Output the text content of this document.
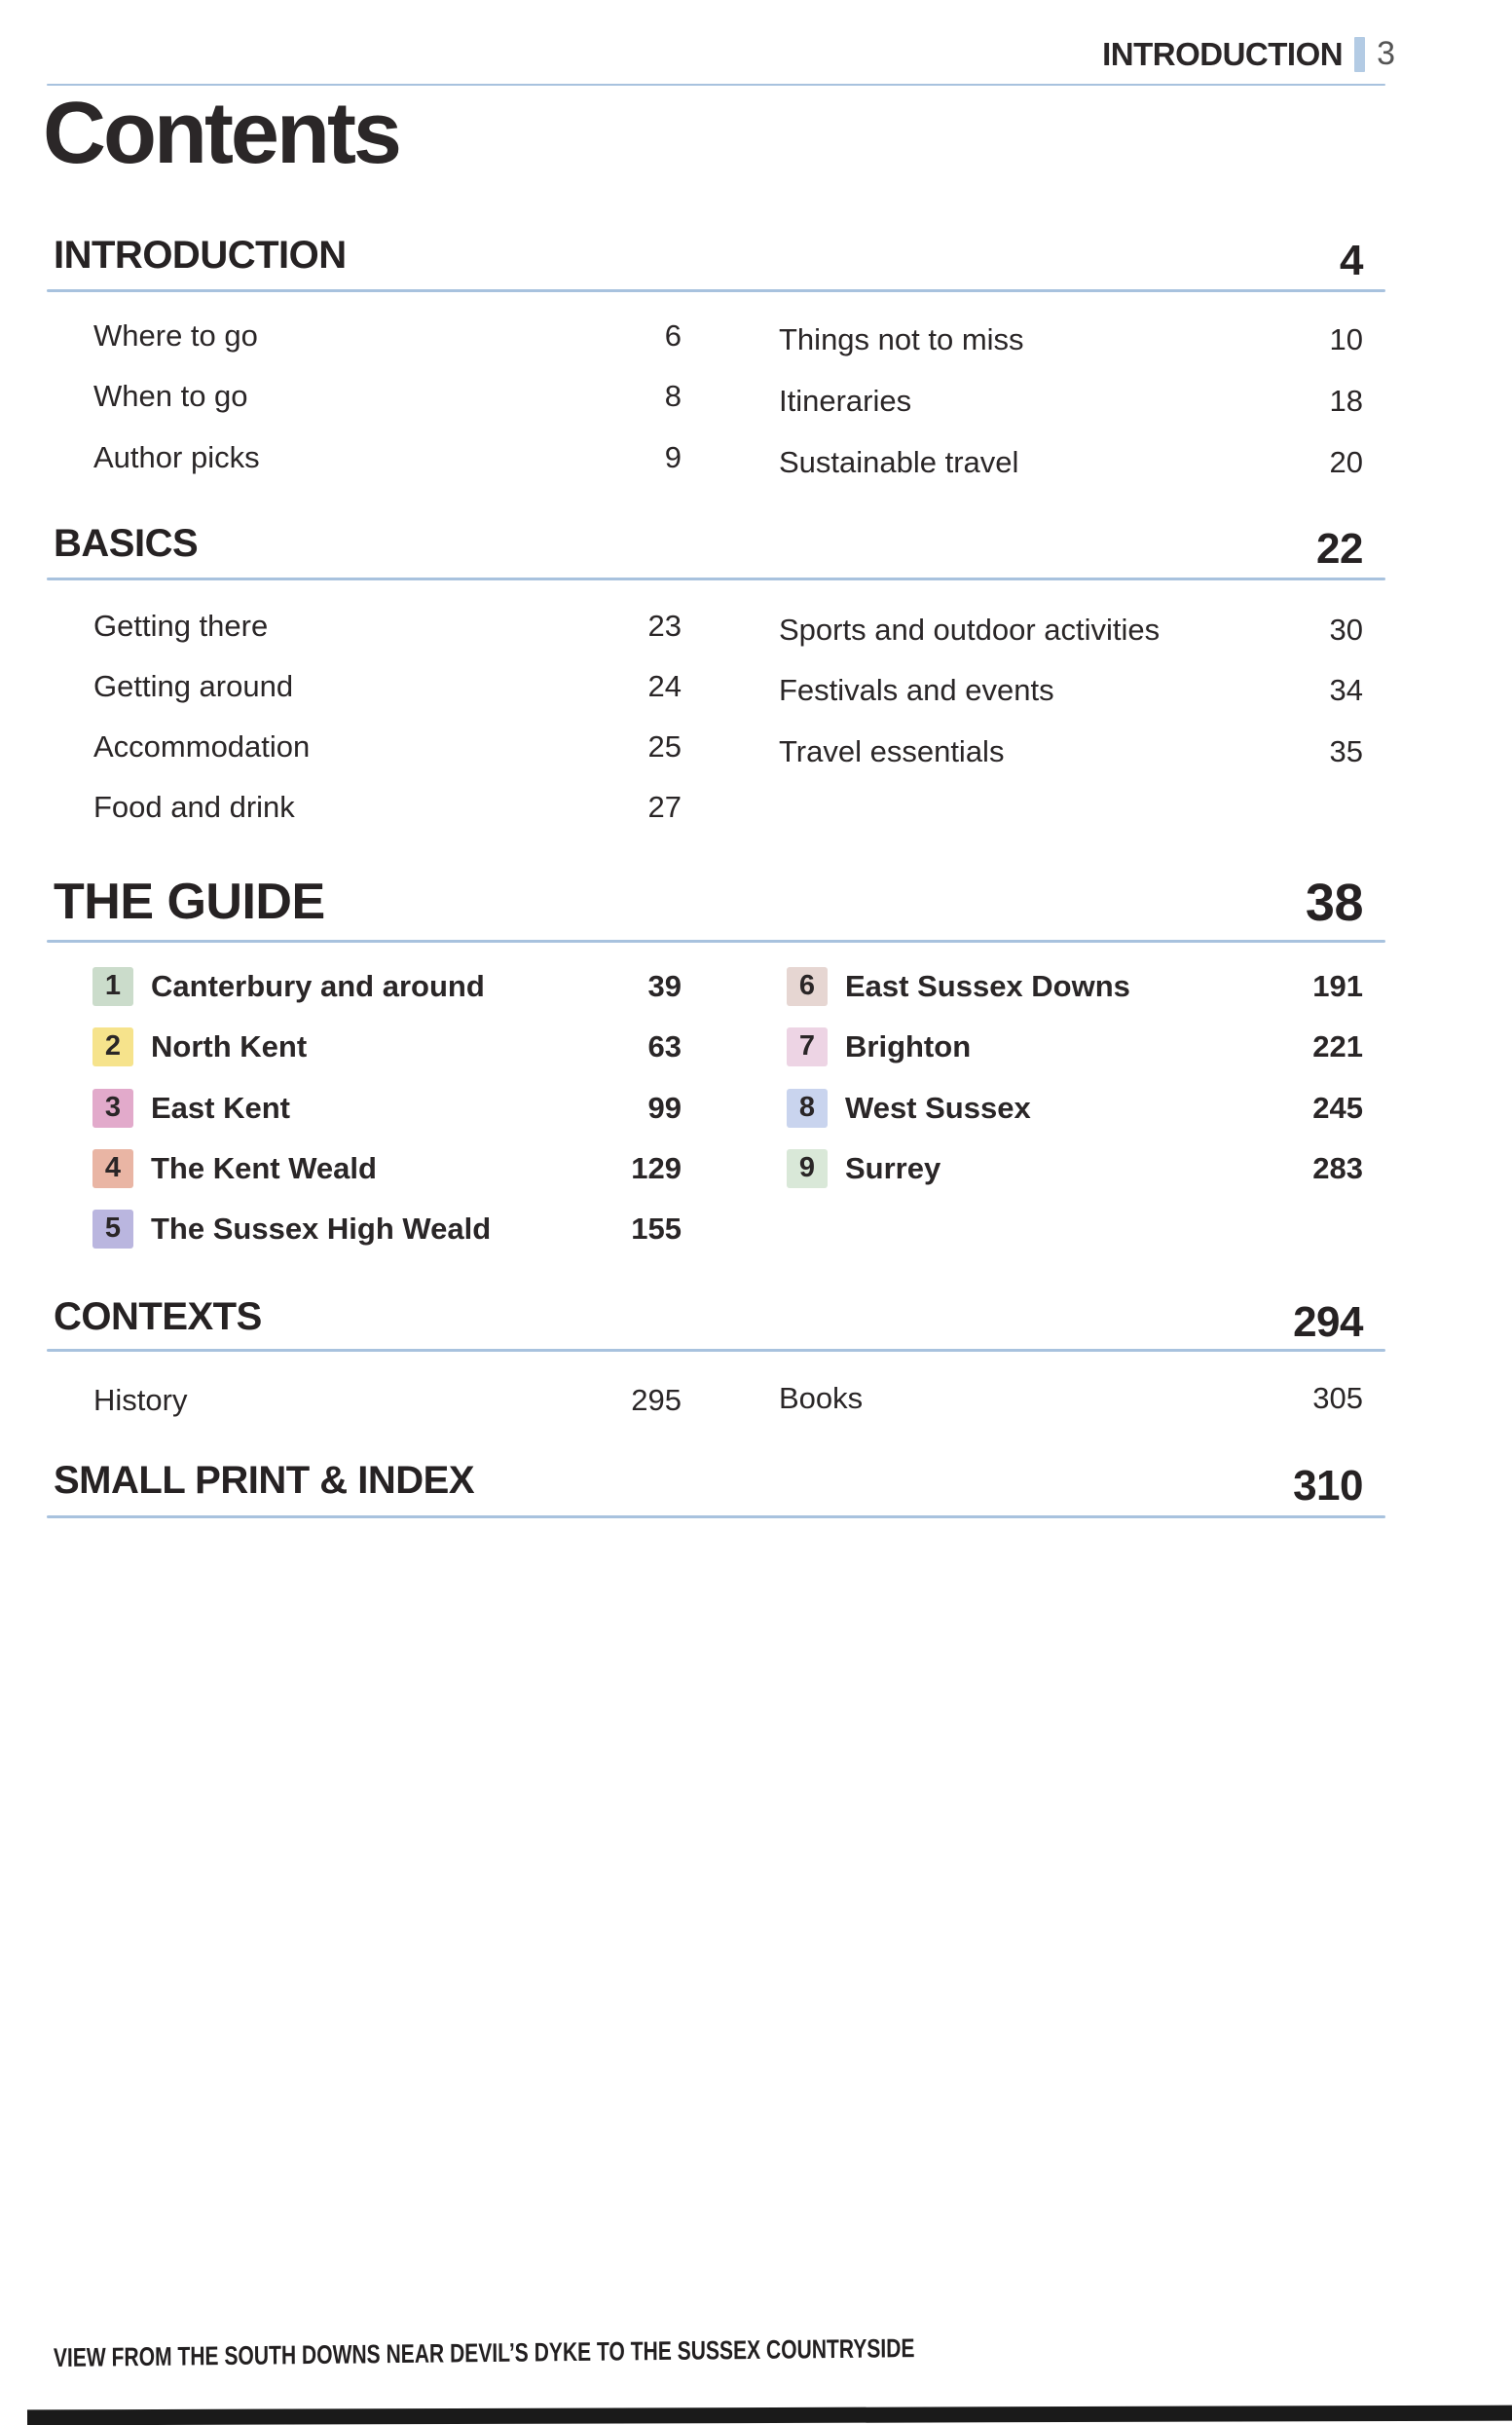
INTRODUCTION 3
Contents
INTRODUCTION	4
Where to go	6
When to go	8
Author picks	9
Things not to miss	10
Itineraries	18
Sustainable travel	20
BASICS	22
Getting there	23
Getting around	24
Accommodation	25
Food and drink	27
Sports and outdoor activities	30
Festivals and events	34
Travel essentials	35
THE GUIDE	38
1 Canterbury and around	39
2 North Kent	63
3 East Kent	99
4 The Kent Weald	129
5 The Sussex High Weald	155
6 East Sussex Downs	191
7 Brighton	221
8 West Sussex	245
9 Surrey	283
CONTEXTS	294
History	295	Books	305
SMALL PRINT & INDEX	310
VIEW FROM THE SOUTH DOWNS NEAR DEVIL’S DYKE TO THE SUSSEX COUNTRYSIDE
